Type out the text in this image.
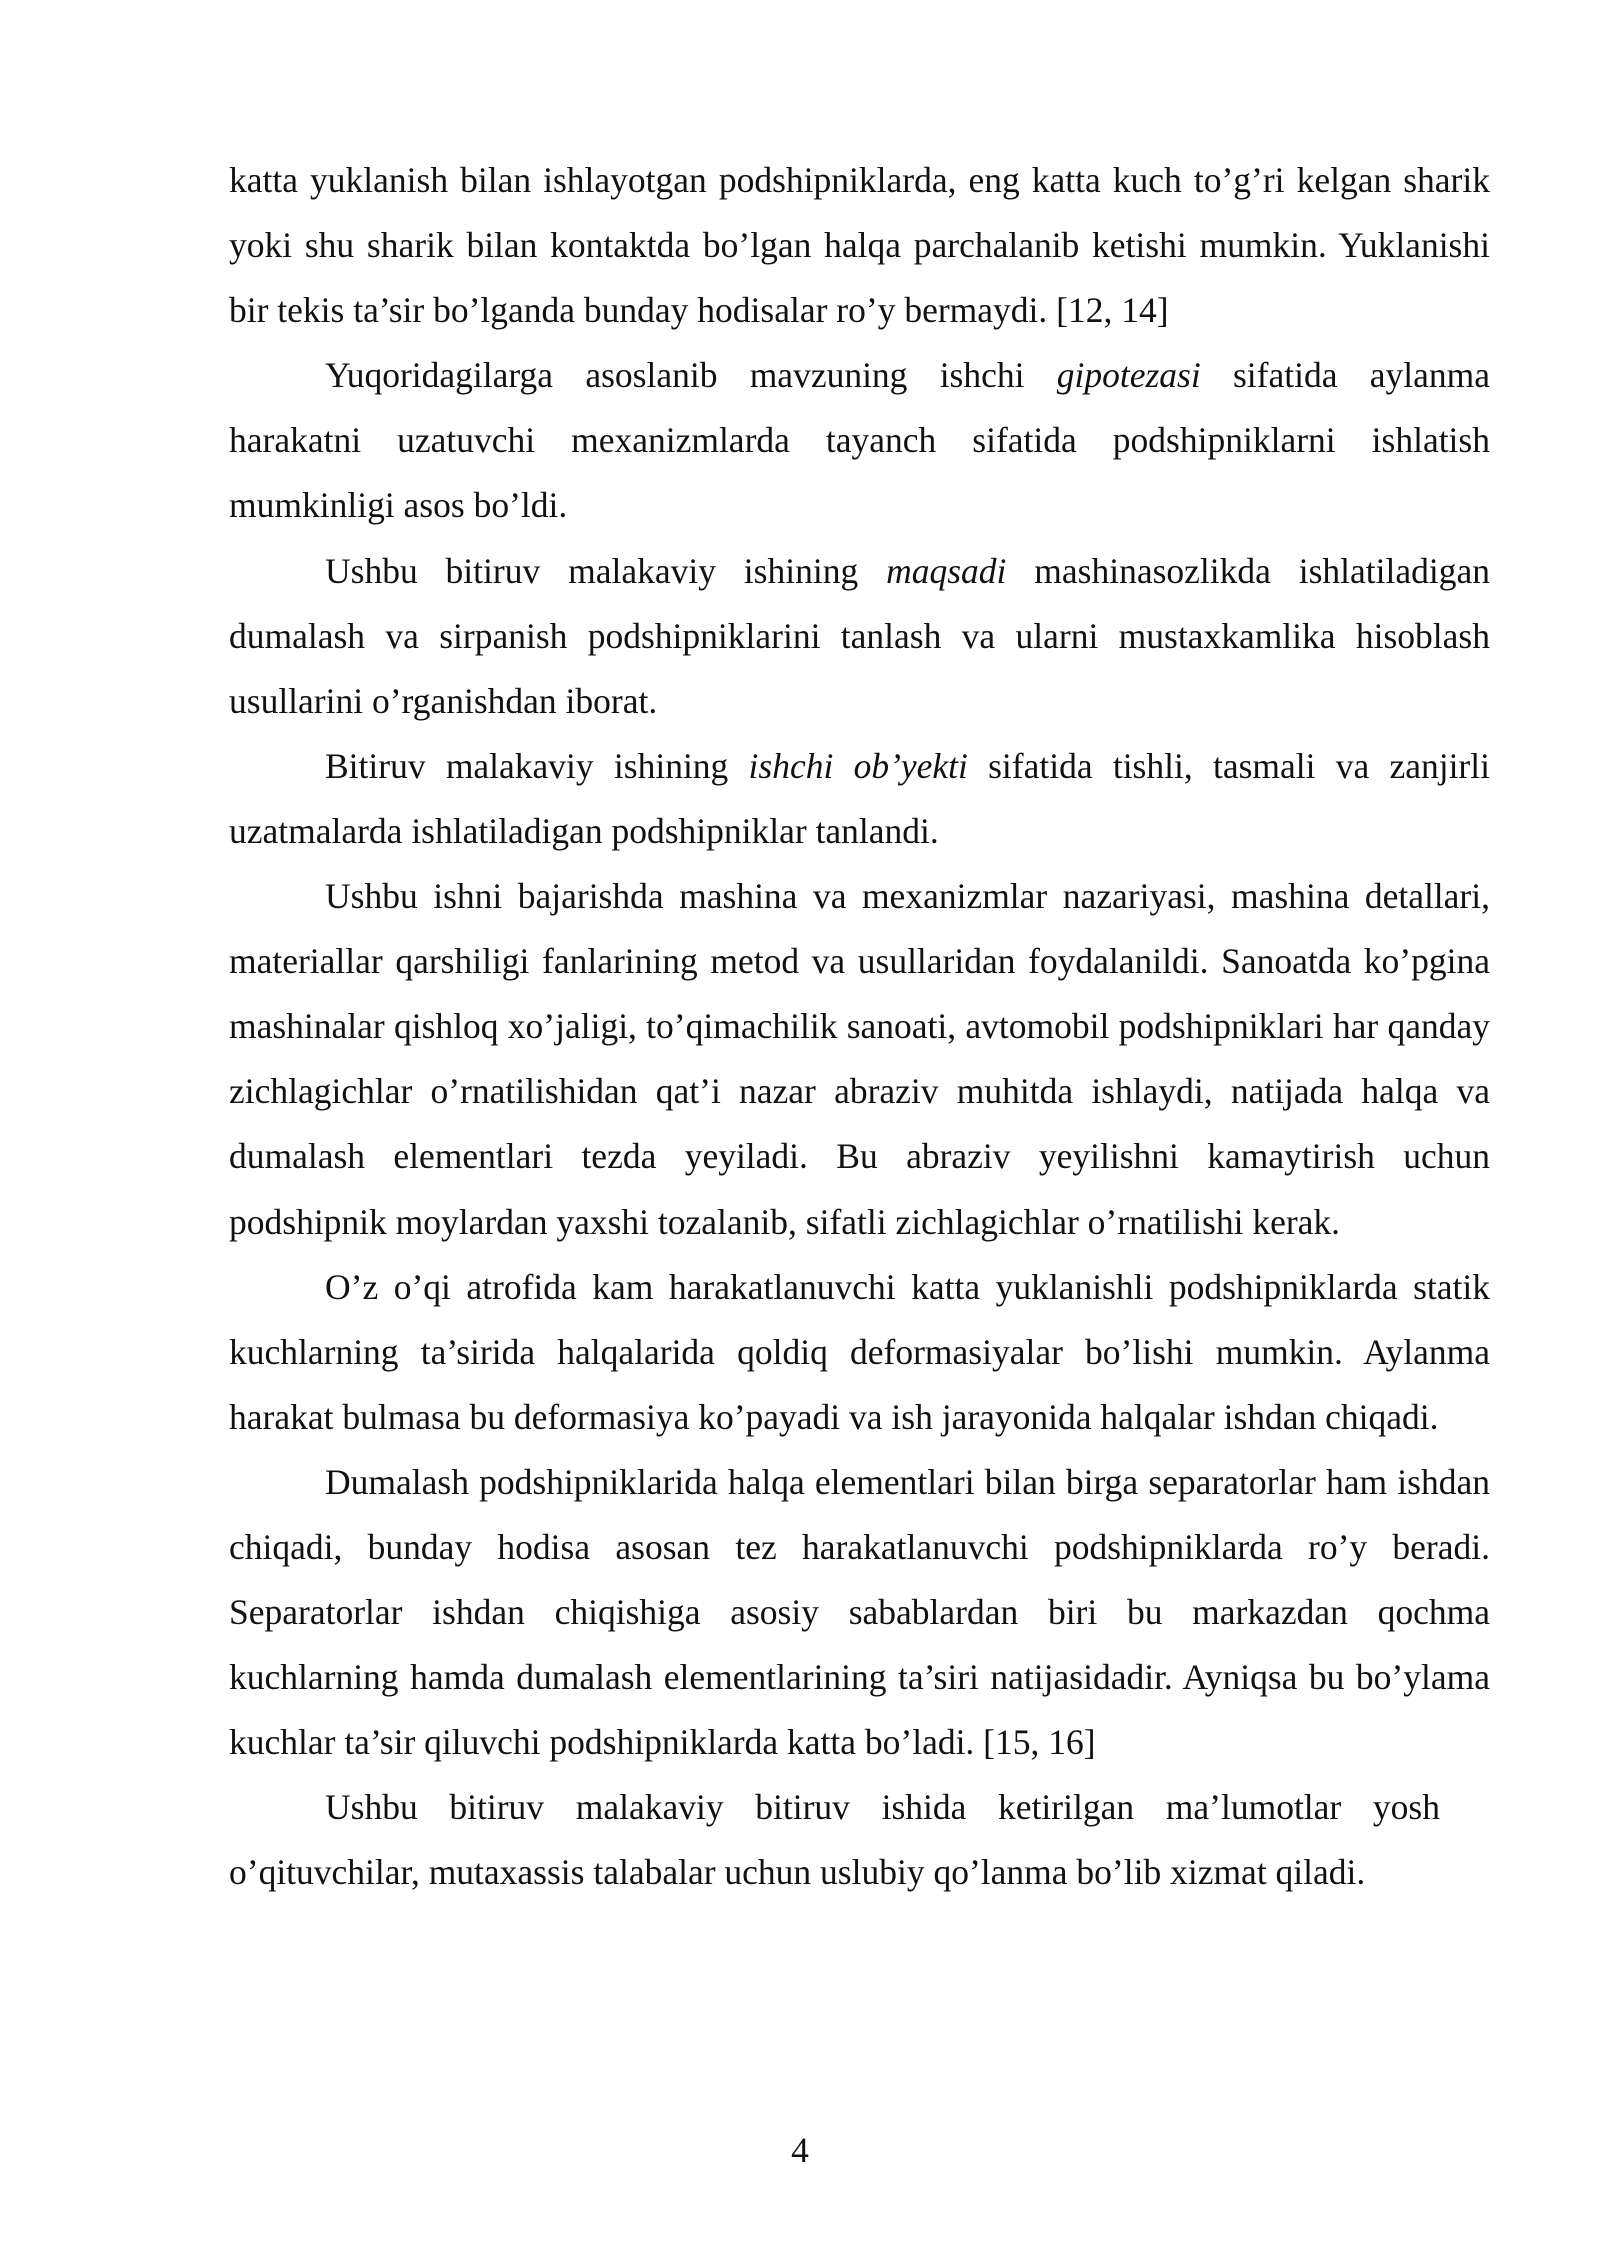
katta yuklanish bilan ishlayotgan podshipniklarda, eng katta kuch to’g’ri kelgan sharik yoki shu sharik bilan kontaktda bo’lgan halqa parchalanib ketishi mumkin. Yuklanishi bir tekis ta’sir bo’lganda bunday hodisalar ro’y bermaydi. [12, 14]

Yuqoridagilarga asoslanib mavzuning ishchi gipotezasi sifatida aylanma harakatni uzatuvchi mexanizmlarda tayanch sifatida podshipniklarni ishlatish mumkinligi asos bo’ldi.

Ushbu bitiruv malakaviy ishining maqsadi mashinasozlikda ishlatiladigan dumalash va sirpanish podshipniklarini tanlash va ularni mustaxkamlika hisoblash usullarini o’rganishdan iborat.

Bitiruv malakaviy ishining ishchi ob’yekti sifatida tishli, tasmali va zanjirli uzatmalarda ishlatiladigan podshipniklar tanlandi.

Ushbu ishni bajarishda mashina va mexanizmlar nazariyasi, mashina detallari, materiallar qarshiligi fanlarining metod va usullaridan foydalanildi. Sanoatda ko’pgina mashinalar qishloq xo’jaligi, to’qimachilik sanoati, avtomobil podshipniklari har qanday zichlagichlar o’rnatilishidan qat’i nazar abraziv muhitda ishlaydi, natijada halqa va dumalash elementlari tezda yeyiladi. Bu abraziv yeyilishni kamaytirish uchun podshipnik moylardan yaxshi tozalanib, sifatli zichlagichlar o’rnatilishi kerak.

O’z o’qi atrofida kam harakatlanuvchi katta yuklanishli podshipniklarda statik kuchlarning ta’sirida halqalarida qoldiq deformasiyalar bo’lishi mumkin. Aylanma harakat bulmasa bu deformasiya ko’payadi va ish jarayonida halqalar ishdan chiqadi.

Dumalash podshipniklarida halqa elementlari bilan birga separatorlar ham ishdan chiqadi, bunday hodisa asosan tez harakatlanuvchi podshipniklarda ro’y beradi. Separatorlar ishdan chiqishiga asosiy sabablardan biri bu markazdan qochma kuchlarning hamda dumalash elementlarining ta’siri natijasidadir. Ayniqsa bu bo’ylama kuchlar ta’sir qiluvchi podshipniklarda katta bo’ladi. [15, 16]

Ushbu bitiruv malakaviy bitiruv ishida ketirilgan ma’lumotlar yosh
o’qituvchilar, mutaxassis talabalar uchun uslubiy qo’lanma bo’lib xizmat qiladi.

4
